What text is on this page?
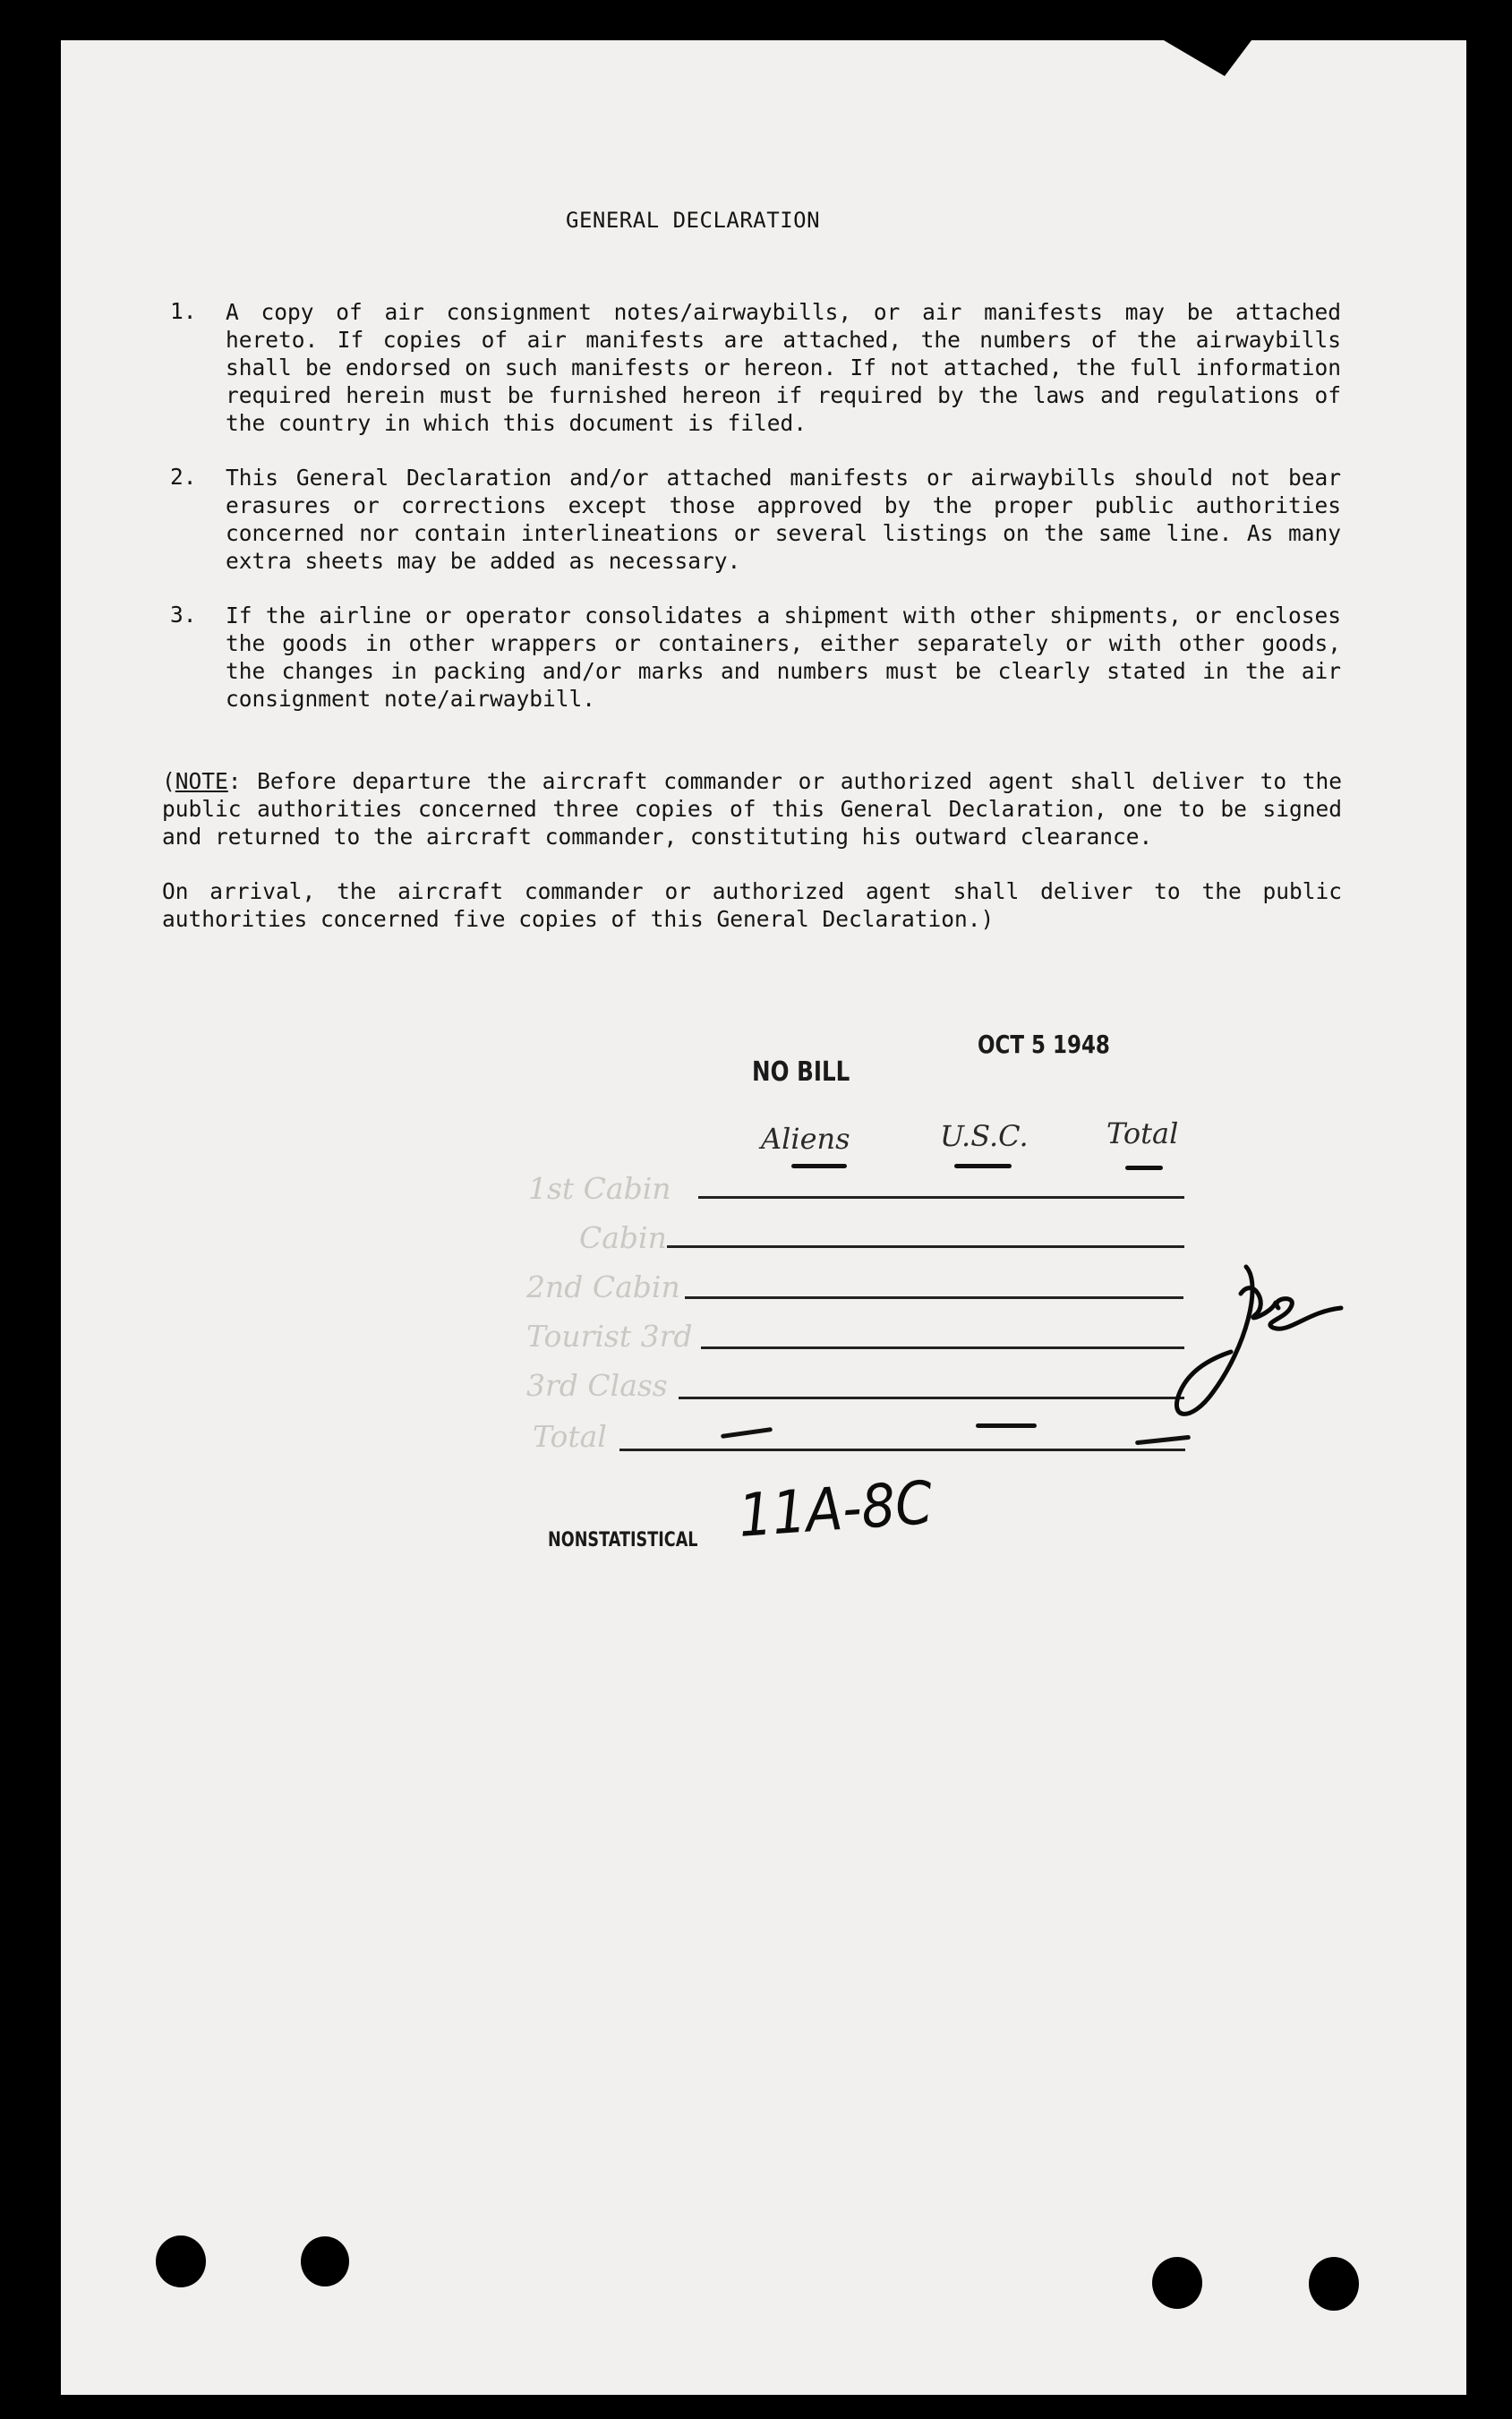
GENERAL DECLARATION
1. A copy of air consignment notes/airwaybills, or air manifests may be attached hereto. If copies of air manifests are attached, the numbers of the airwaybills shall be endorsed on such manifests or hereon. If not attached, the full information required herein must be furnished hereon if required by the laws and regulations of the country in which this document is filed.
2. This General Declaration and/or attached manifests or airwaybills should not bear erasures or corrections except those approved by the proper public authorities concerned nor contain interlineations or several listings on the same line. As many extra sheets may be added as necessary.
3. If the airline or operator consolidates a shipment with other shipments, or encloses the goods in other wrappers or containers, either separately or with other goods, the changes in packing and/or marks and numbers must be clearly stated in the air consignment note/airwaybill.
(NOTE: Before departure the aircraft commander or authorized agent shall deliver to the public authorities concerned three copies of this General Declaration, one to be signed and returned to the aircraft commander, constituting his outward clearance.
On arrival, the aircraft commander or authorized agent shall deliver to the public authorities concerned five copies of this General Declaration.)
NO BILL
OCT 5 1948
Aliens	U.S.C.	Total
1st Cabin
Cabin
2nd Cabin
Tourist 3rd
3rd Class
Total
NONSTATISTICAL 11A-8C
